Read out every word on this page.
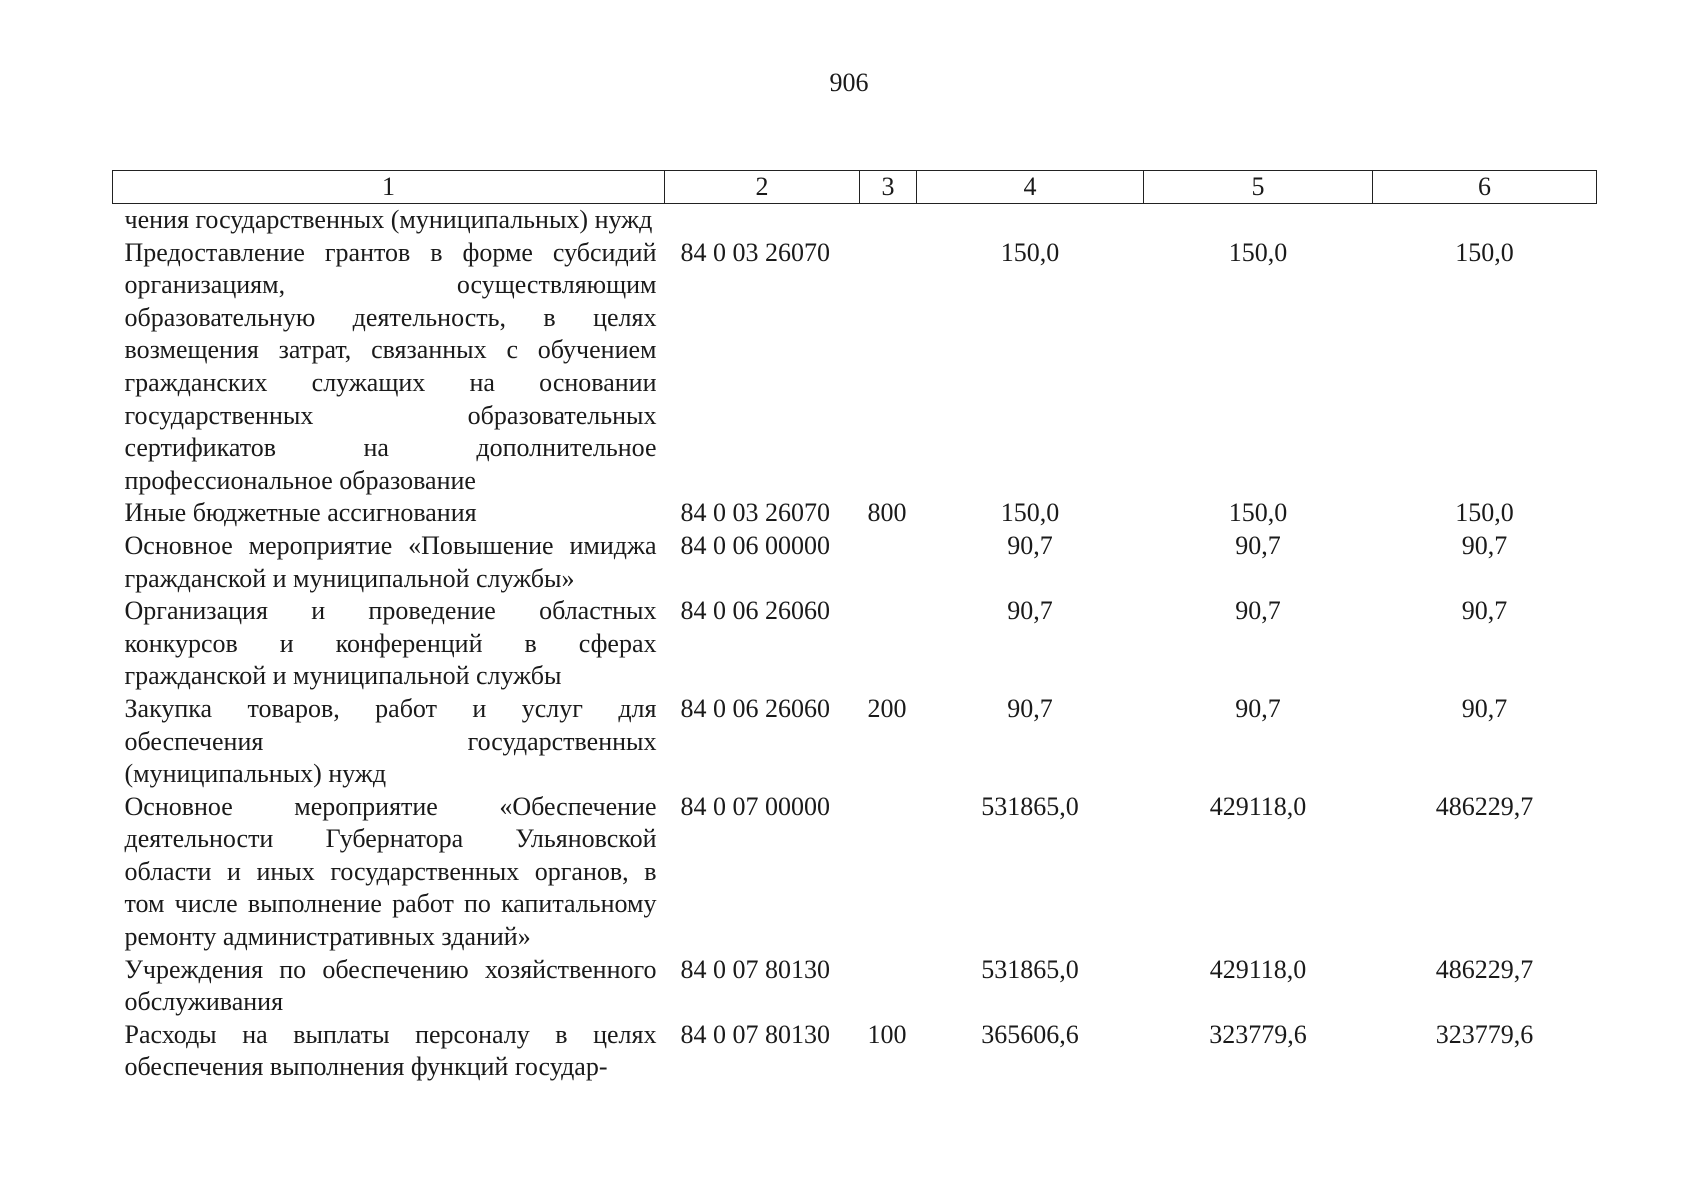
906
1	2	3	4	5	6
чения государственных (муниципальных) нужд					
Предоставление грантов в форме субсидий организациям, осуществляющим образовательную деятельность, в целях возмещения затрат, связанных с обучением гражданских служащих на основании государственных образовательных сертификатов на дополнительное профессиональное образование	84 0 03 26070		150,0	150,0	150,0
Иные бюджетные ассигнования	84 0 03 26070	800	150,0	150,0	150,0
Основное мероприятие «Повышение имиджа гражданской и муниципальной службы»	84 0 06 00000		90,7	90,7	90,7
Организация и проведение областных конкурсов и конференций в сферах гражданской и муниципальной службы	84 0 06 26060		90,7	90,7	90,7
Закупка товаров, работ и услуг для обеспечения государственных (муниципальных) нужд	84 0 06 26060	200	90,7	90,7	90,7
Основное мероприятие «Обеспечение деятельности Губернатора Ульяновской области и иных государственных органов, в том числе выполнение работ по капитальному ремонту административных зданий»	84 0 07 00000		531865,0	429118,0	486229,7
Учреждения по обеспечению хозяйственного обслуживания	84 0 07 80130		531865,0	429118,0	486229,7
Расходы на выплаты персоналу в целях обеспечения выполнения функций государ-	84 0 07 80130	100	365606,6	323779,6	323779,6
